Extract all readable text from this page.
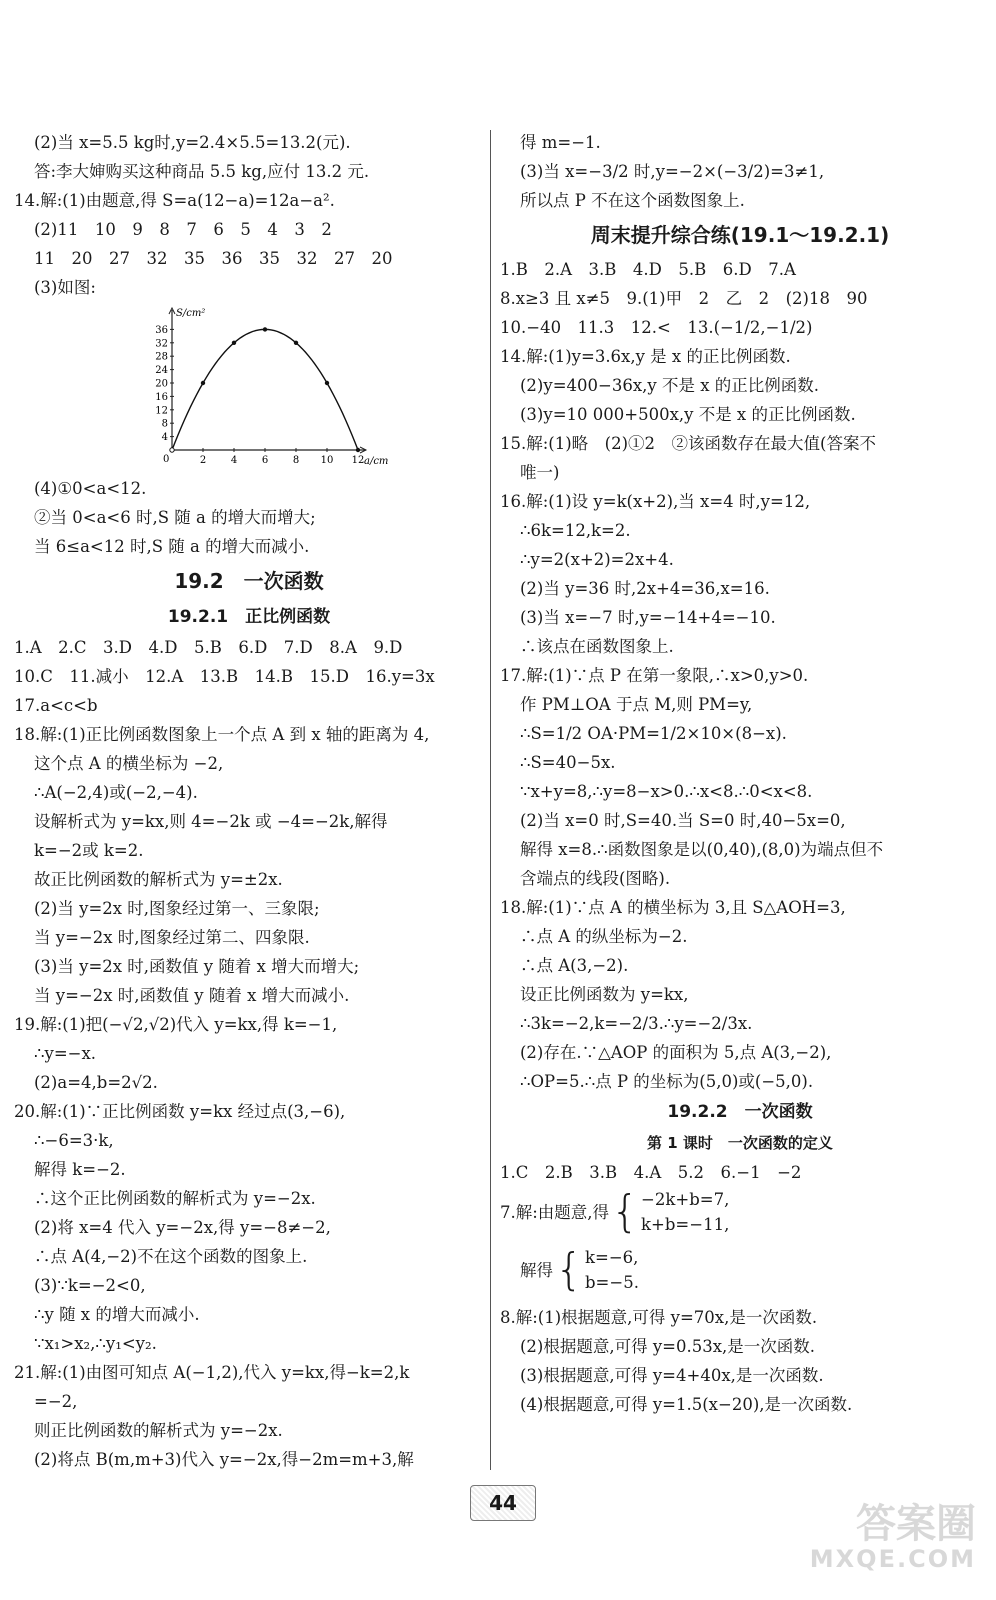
(2)当 x=5.5 kg时,y=2.4×5.5=13.2(元).
答:李大婶购买这种商品 5.5 kg,应付 13.2 元.
14.解:(1)由题意,得 S=a(12−a)=12a−a².
(2)11　10　9　8　7　6　5　4　3　2
11　20　27　32　35　36　35　32　27　20
(3)如图:
S/cm²
a/cm
0
36
32
28
24
20
16
12
8
4
2 4 6 8 10 12
(4)①0<a<12.
②当 0<a<6 时,S 随 a 的增大而增大;
当 6≤a<12 时,S 随 a 的增大而减小.
19.2　一次函数
19.2.1　正比例函数
1.A　2.C　3.D　4.D　5.B　6.D　7.D　8.A　9.D
10.C　11.减小　12.A　13.B　14.B　15.D　16.y=3x
17.a<c<b
18.解:(1)正比例函数图象上一个点 A 到 x 轴的距离为 4,
这个点 A 的横坐标为 −2,
∴A(−2,4)或(−2,−4).
设解析式为 y=kx,则 4=−2k 或 −4=−2k,解得
k=−2或 k=2.
故正比例函数的解析式为 y=±2x.
(2)当 y=2x 时,图象经过第一、三象限;
当 y=−2x 时,图象经过第二、四象限.
(3)当 y=2x 时,函数值 y 随着 x 增大而增大;
当 y=−2x 时,函数值 y 随着 x 增大而减小.
19.解:(1)把(−√2,√2)代入 y=kx,得 k=−1,
∴y=−x.
(2)a=4,b=2√2.
20.解:(1)∵正比例函数 y=kx 经过点(3,−6),
∴−6=3·k,
解得 k=−2.
∴这个正比例函数的解析式为 y=−2x.
(2)将 x=4 代入 y=−2x,得 y=−8≠−2,
∴点 A(4,−2)不在这个函数的图象上.
(3)∵k=−2<0,
∴y 随 x 的增大而减小.
∵x₁>x₂,∴y₁<y₂.
21.解:(1)由图可知点 A(−1,2),代入 y=kx,得−k=2,k
=−2,
则正比例函数的解析式为 y=−2x.
(2)将点 B(m,m+3)代入 y=−2x,得−2m=m+3,解
得 m=−1.
(3)当 x=−3/2 时,y=−2×(−3/2)=3≠1,
所以点 P 不在这个函数图象上.
周末提升综合练(19.1～19.2.1)
1.B　2.A　3.B　4.D　5.B　6.D　7.A
8.x≥3 且 x≠5　9.(1)甲　2　乙　2　(2)18　90
10.−40　11.3　12.<　13.(−1/2,−1/2)
14.解:(1)y=3.6x,y 是 x 的正比例函数.
(2)y=400−36x,y 不是 x 的正比例函数.
(3)y=10 000+500x,y 不是 x 的正比例函数.
15.解:(1)略　(2)①2　②该函数存在最大值(答案不
唯一)
16.解:(1)设 y=k(x+2),当 x=4 时,y=12,
∴6k=12,k=2.
∴y=2(x+2)=2x+4.
(2)当 y=36 时,2x+4=36,x=16.
(3)当 x=−7 时,y=−14+4=−10.
∴该点在函数图象上.
17.解:(1)∵点 P 在第一象限,∴x>0,y>0.
作 PM⊥OA 于点 M,则 PM=y,
∴S=1/2 OA·PM=1/2×10×(8−x).
∴S=40−5x.
∵x+y=8,∴y=8−x>0.∴x<8.∴0<x<8.
(2)当 x=0 时,S=40.当 S=0 时,40−5x=0,
解得 x=8.∴函数图象是以(0,40),(8,0)为端点但不
含端点的线段(图略).
18.解:(1)∵点 A 的横坐标为 3,且 S△AOH=3,
∴点 A 的纵坐标为−2.
∴点 A(3,−2).
设正比例函数为 y=kx,
∴3k=−2,k=−2/3.∴y=−2/3x.
(2)存在.∵△AOP 的面积为 5,点 A(3,−2),
∴OP=5.∴点 P 的坐标为(5,0)或(−5,0).
19.2.2　一次函数
第 1 课时　一次函数的定义
1.C　2.B　3.B　4.A　5.2　6.−1　−2
7.解:由题意,得 { −2k+b=7,
k+b=−11,
解得 { k=−6,
b=−5.
8.解:(1)根据题意,可得 y=70x,是一次函数.
(2)根据题意,可得 y=0.53x,是一次函数.
(3)根据题意,可得 y=4+40x,是一次函数.
(4)根据题意,可得 y=1.5(x−20),是一次函数.
44	答案圈
MXQE.COM
